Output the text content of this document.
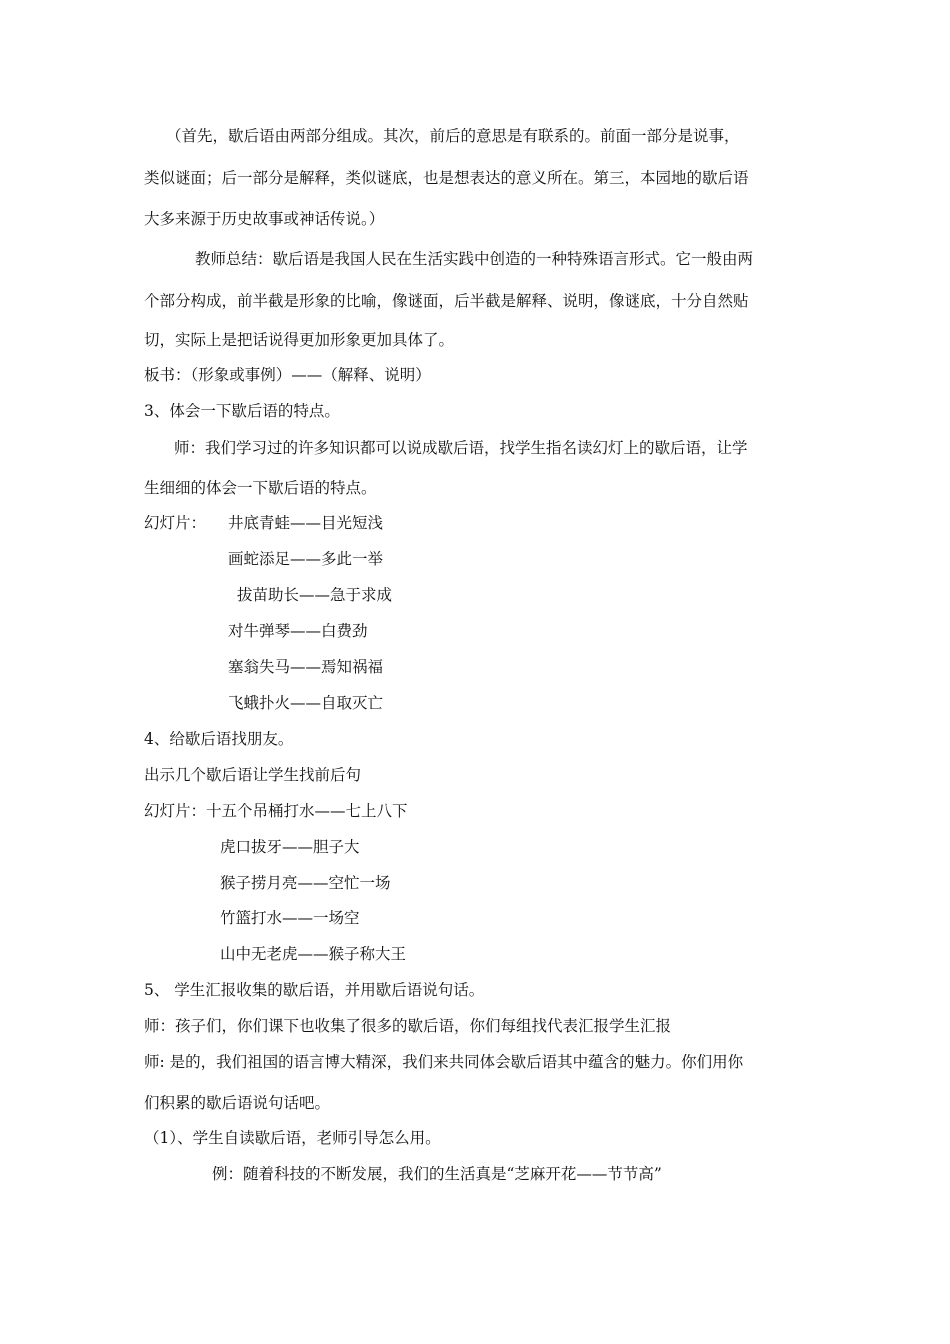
（首先，歇后语由两部分组成。其次，前后的意思是有联系的。前面一部分是说事，
类似谜面；后一部分是解释，类似谜底，也是想表达的意义所在。第三，本园地的歇后语
大多来源于历史故事或神话传说。）
教师总结：歇后语是我国人民在生活实践中创造的一种特殊语言形式。它一般由两
个部分构成，前半截是形象的比喻，像谜面，后半截是解释、说明，像谜底，十分自然贴
切，实际上是把话说得更加形象更加具体了。
板书：（形象或事例）——（解释、说明）
3、体会一下歇后语的特点。
师：我们学习过的许多知识都可以说成歇后语，找学生指名读幻灯上的歇后语，让学
生细细的体会一下歇后语的特点。
幻灯片： 井底青蛙——目光短浅
画蛇添足——多此一举
拔苗助长——急于求成
对牛弹琴——白费劲
塞翁失马——焉知祸福
飞蛾扑火——自取灭亡
4、给歇后语找朋友。
出示几个歇后语让学生找前后句
幻灯片：十五个吊桶打水——七上八下
虎口拔牙——胆子大
猴子捞月亮——空忙一场
竹篮打水——一场空
山中无老虎——猴子称大王
5、 学生汇报收集的歇后语，并用歇后语说句话。
师：孩子们，你们课下也收集了很多的歇后语，你们每组找代表汇报学生汇报
师: 是的，我们祖国的语言博大精深，我们来共同体会歇后语其中蕴含的魅力。你们用你
们积累的歇后语说句话吧。
（1）、学生自读歇后语，老师引导怎么用。
例：随着科技的不断发展，我们的生活真是“芝麻开花——节节高”
